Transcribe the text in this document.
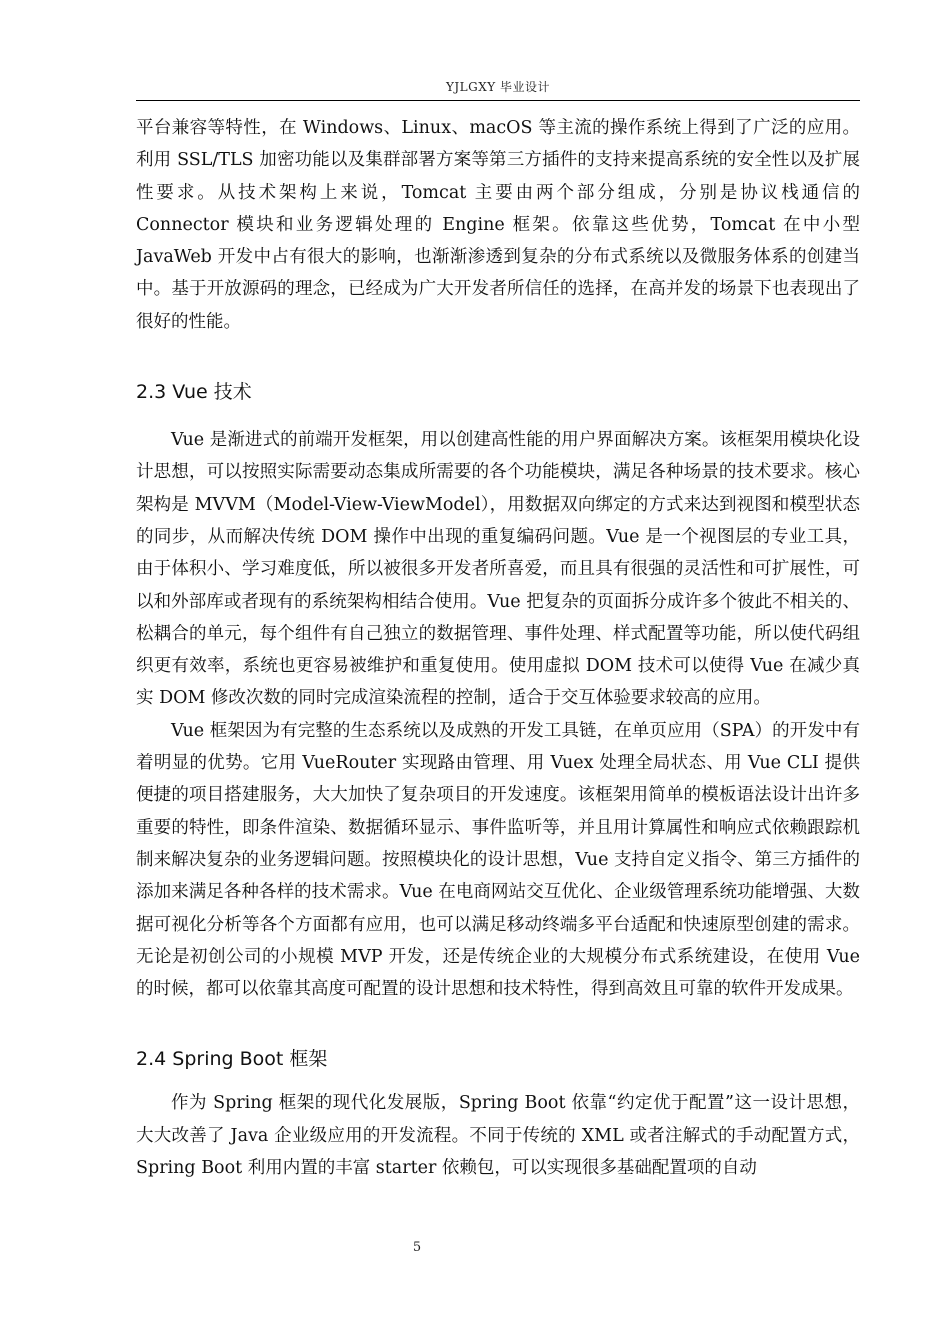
YJLGXY 毕业设计

平台兼容等特性，在 Windows、Linux、macOS 等主流的操作系统上得到了广泛的应用。利用 SSL/TLS 加密功能以及集群部署方案等第三方插件的支持来提高系统的安全性以及扩展性要求。从技术架构上来说，Tomcat 主要由两个部分组成，分别是协议栈通信的 Connector 模块和业务逻辑处理的 Engine 框架。依靠这些优势，Tomcat 在中小型 JavaWeb 开发中占有很大的影响，也渐渐渗透到复杂的分布式系统以及微服务体系的创建当中。基于开放源码的理念，已经成为广大开发者所信任的选择，在高并发的场景下也表现出了很好的性能。

2.3 Vue 技术

Vue 是渐进式的前端开发框架，用以创建高性能的用户界面解决方案。该框架用模块化设计思想，可以按照实际需要动态集成所需要的各个功能模块，满足各种场景的技术要求。核心架构是 MVVM（Model-View-ViewModel），用数据双向绑定的方式来达到视图和模型状态的同步，从而解决传统 DOM 操作中出现的重复编码问题。Vue 是一个视图层的专业工具，由于体积小、学习难度低，所以被很多开发者所喜爱，而且具有很强的灵活性和可扩展性，可以和外部库或者现有的系统架构相结合使用。Vue 把复杂的页面拆分成许多个彼此不相关的、松耦合的单元，每个组件有自己独立的数据管理、事件处理、样式配置等功能，所以使代码组织更有效率，系统也更容易被维护和重复使用。使用虚拟 DOM 技术可以使得 Vue 在减少真实 DOM 修改次数的同时完成渲染流程的控制，适合于交互体验要求较高的应用。

Vue 框架因为有完整的生态系统以及成熟的开发工具链，在单页应用（SPA）的开发中有着明显的优势。它用 VueRouter 实现路由管理、用 Vuex 处理全局状态、用 Vue CLI 提供便捷的项目搭建服务，大大加快了复杂项目的开发速度。该框架用简单的模板语法设计出许多重要的特性，即条件渲染、数据循环显示、事件监听等，并且用计算属性和响应式依赖跟踪机制来解决复杂的业务逻辑问题。按照模块化的设计思想，Vue 支持自定义指令、第三方插件的添加来满足各种各样的技术需求。Vue 在电商网站交互优化、企业级管理系统功能增强、大数据可视化分析等各个方面都有应用，也可以满足移动终端多平台适配和快速原型创建的需求。无论是初创公司的小规模 MVP 开发，还是传统企业的大规模分布式系统建设，在使用 Vue 的时候，都可以依靠其高度可配置的设计思想和技术特性，得到高效且可靠的软件开发成果。

2.4 Spring Boot 框架

作为 Spring 框架的现代化发展版，Spring Boot 依靠“约定优于配置”这一设计思想，大大改善了 Java 企业级应用的开发流程。不同于传统的 XML 或者注解式的手动配置方式，Spring Boot 利用内置的丰富 starter 依赖包，可以实现很多基础配置项的自动

5
